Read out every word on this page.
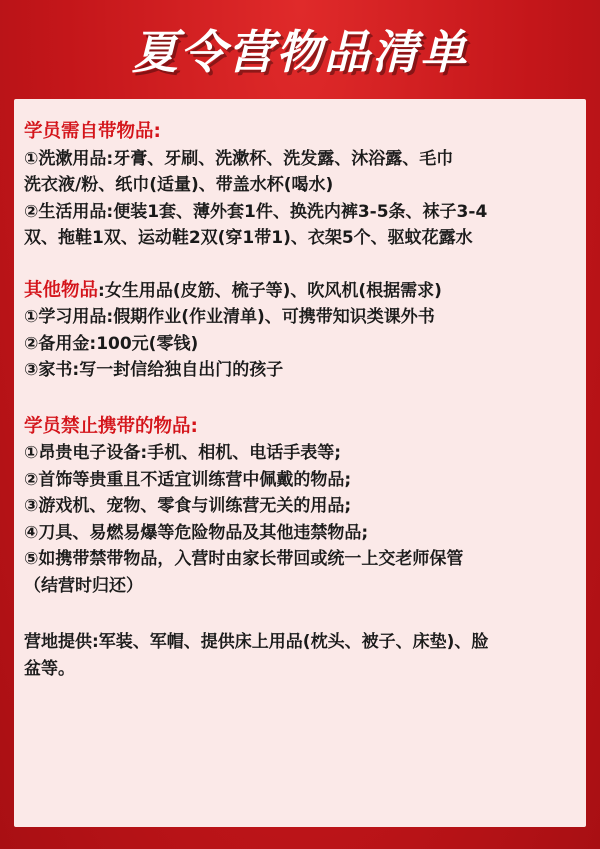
夏令营物品清单

学员需自带物品:

①洗漱用品:牙膏、牙刷、洗漱杯、洗发露、沐浴露、毛巾

洗衣液/粉、纸巾(适量)、带盖水杯(喝水)

②生活用品:便装1套、薄外套1件、换洗内裤3-5条、袜子3-4

双、拖鞋1双、运动鞋2双(穿1带1)、衣架5个、驱蚊花露水

其他物品:女生用品(皮筋、梳子等)、吹风机(根据需求)

①学习用品:假期作业(作业清单)、可携带知识类课外书

②备用金:100元(零钱)

③家书:写一封信给独自出门的孩子

学员禁止携带的物品:

①昂贵电子设备:手机、相机、电话手表等;

②首饰等贵重且不适宜训练营中佩戴的物品;

③游戏机、宠物、零食与训练营无关的用品;

④刀具、易燃易爆等危险物品及其他违禁物品;

⑤如携带禁带物品，入营时由家长带回或统一上交老师保管

（结营时归还）

营地提供:军装、军帽、提供床上用品(枕头、被子、床垫)、脸

盆等。
